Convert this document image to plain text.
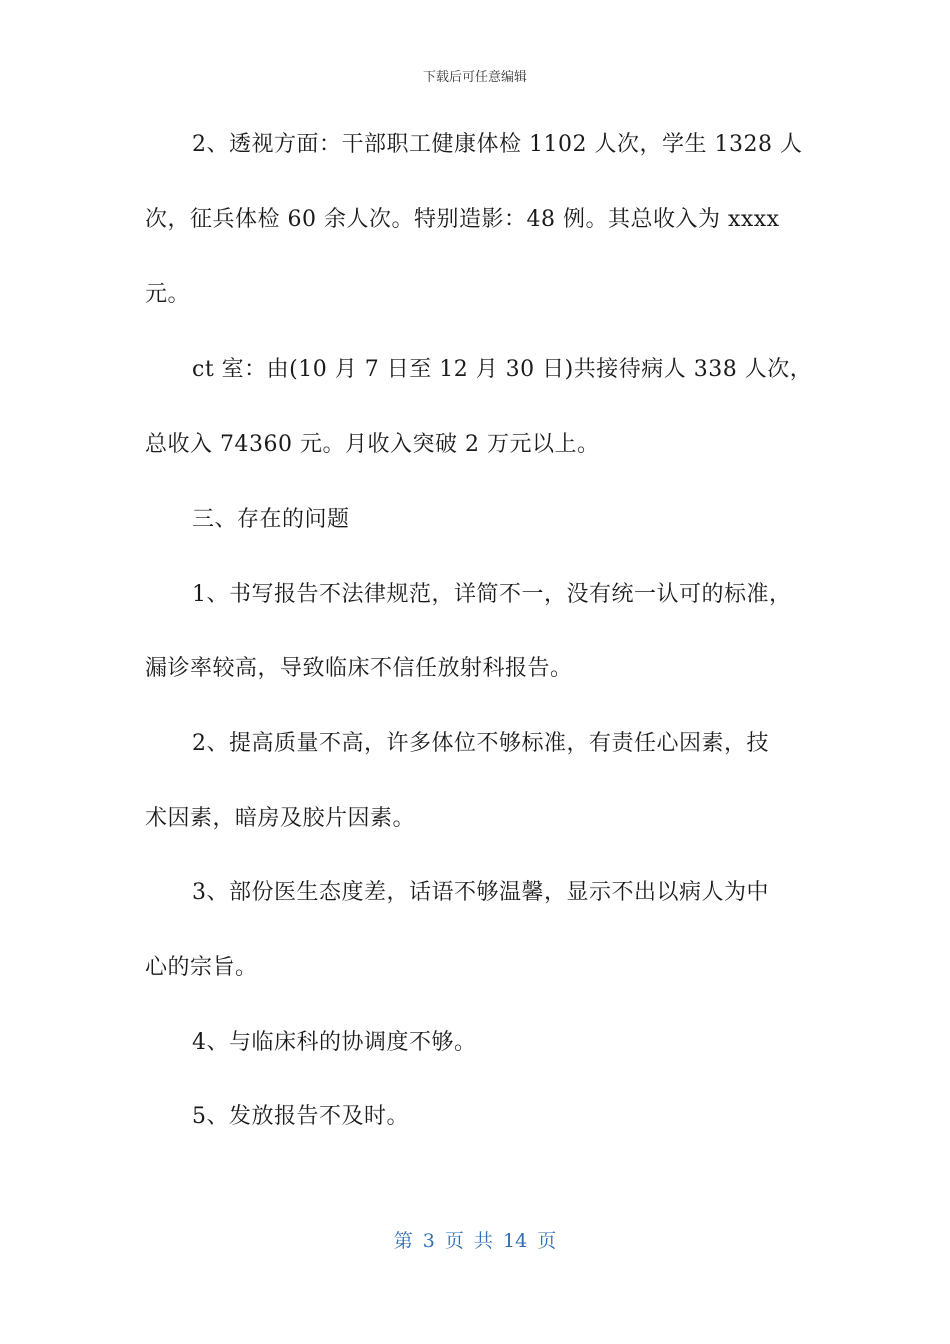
下载后可任意编辑
2、透视方面：干部职工健康体检 1102 人次，学生 1328 人
次，征兵体检 60 余人次。特别造影：48 例。其总收入为 xxxx
元。
ct 室：由(10 月 7 日至 12 月 30 日)共接待病人 338 人次，
总收入 74360 元。月收入突破 2 万元以上。
三、存在的问题
1、书写报告不法律规范，详简不一，没有统一认可的标准，
漏诊率较高，导致临床不信任放射科报告。
2、提高质量不高，许多体位不够标准，有责任心因素，技
术因素，暗房及胶片因素。
3、部份医生态度差，话语不够温馨，显示不出以病人为中
心的宗旨。
4、与临床科的协调度不够。
5、发放报告不及时。
第 3 页 共 14 页
